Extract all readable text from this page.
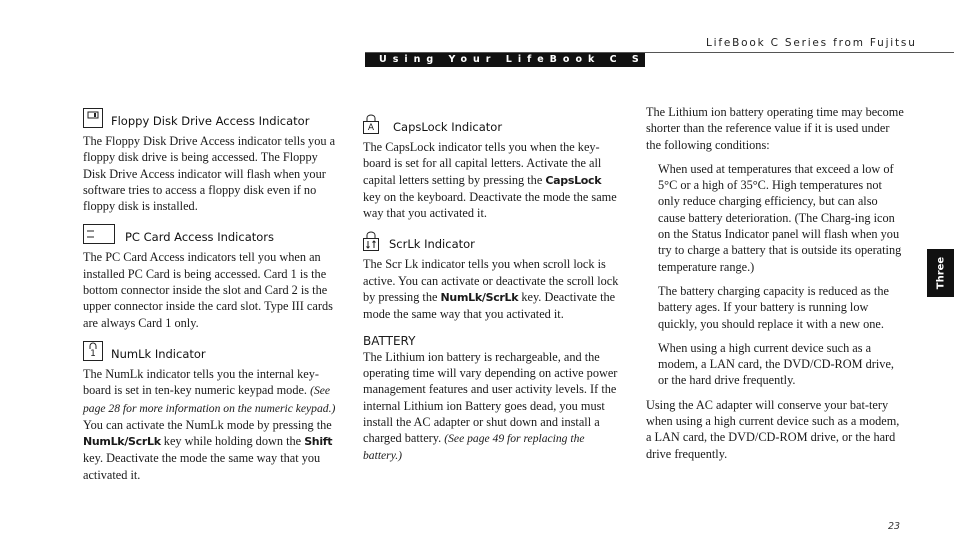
LifeBook C Series from Fujitsu
Using Your LifeBook C Series
Floppy Disk Drive Access Indicator

The Floppy Disk Drive Access indicator tells you a floppy disk drive is being accessed. The Floppy Disk Drive Access indicator will flash when your software tries to access a floppy disk even if no floppy disk is installed.

PC Card Access Indicators

The PC Card Access indicators tell you when an installed PC Card is being accessed. Card 1 is the bottom connector inside the slot and Card 2 is the upper connector inside the card slot. Type III cards are always Card 1 only.

1	NumLk Indicator

The NumLk indicator tells you the internal key-board is set in ten-key numeric keypad mode. (See page 28 for more information on the numeric keypad.) You can activate the NumLk mode by pressing the NumLk/ScrLk key while holding down the Shift key. Deactivate the mode the same way that you activated it.

A	CapsLock Indicator

The CapsLock indicator tells you when the key-board is set for all capital letters. Activate the all capital letters setting by pressing the CapsLock key on the keyboard. Deactivate the mode the same way that you activated it.

ScrLk Indicator

The Scr Lk indicator tells you when scroll lock is active. You can activate or deactivate the scroll lock by pressing the NumLk/ScrLk key. Deactivate the mode the same way that you activated it.

BATTERY

The Lithium ion battery is rechargeable, and the operating time will vary depending on active power management features and user activity levels. If the internal Lithium ion Battery goes dead, you must install the AC adapter or shut down and install a charged battery. (See page 49 for replacing the battery.)

The Lithium ion battery operating time may become shorter than the reference value if it is used under the following conditions:

When used at temperatures that exceed a low of 5°C or a high of 35°C. High temperatures not only reduce charging efficiency, but can also cause battery deterioration. (The Charg-ing icon on the Status Indicator panel will flash when you try to charge a battery that is outside its operating temperature range.)

The battery charging capacity is reduced as the battery ages. If your battery is running low quickly, you should replace it with a new one.

When using a high current device such as a modem, a LAN card, the DVD/CD-ROM drive, or the hard drive frequently.

Using the AC adapter will conserve your bat-tery when using a high current device such as a modem, a LAN card, the DVD/CD-ROM drive, or the hard drive frequently.

Three
23
